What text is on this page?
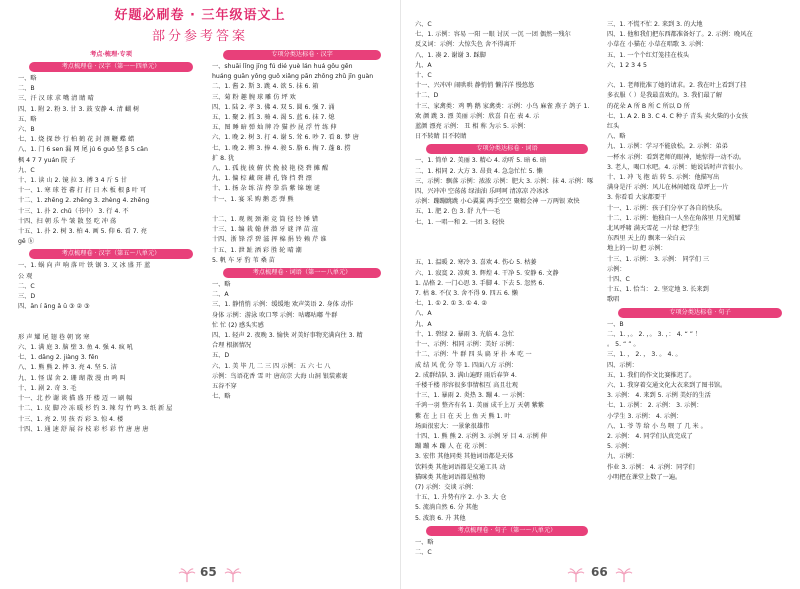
好题必刷卷 · 三年级语文上
部分参考答案
考点·梳理·专项
考点梳理卷 · 汉字（第一～四单元）
一、略
二、B
三、汗 汉 球 求 嘴 清 睛 晴
四、1. 附 2. 粉 3. 甘 3. 鼓 安静 4. 清 蝴 树
五、略
六、B
七、1. 烧 探 纱 行 柏 鹤 花 封 测 鞭 蝶 蜡
八、1. 门 6 sen 漏 网 尾 jú 6 guō 竖 β 5 cān
枫 4 7 7 yuán 院 子
九、C
十、1. 读 山 2. 镜 拉 3. 搏 3 4 斤 5 甘
十一、1. 寒 球 苍 蕃 打 打 日 木 板 根 β 叶 可
十二、1. zhēng 2. zhēng 3. zhèng 4. zhēng
十三、1. 扑 2. chǔ（书中） 3. 行 4. 不
十四、扫 朝 乐 牛 皱 散 竖 吃 冲 荡
十五、1. 扑 2. 树 3. 柏 4. 画 5. 仰 6. 看 7. 亮
gē ⓑ
考点梳理卷 · 汉字（第五～八单元）
一、1. 蜗 向 声 响 落 叶 铁 锯 3. 又 冰 盛 开 蓝
公 观
二、C
三、D
四、ān í āng ǎ ū ③ ② ③

形 声 耀 尾 翅 巷 朝 窝 寒
六、1. 满 庭 3. 脑 壁 3. 鱼 4. 强 4. 疯 吼
七、1. dāng 2. jiàng 3. fēn
八、1. 熊 熊 2. 摔 3. 亮 4. 坚 5. 洁
九、1. 怪 谋 舍 2. 珊 瑚 散 漫 由 鸣 叫
十、1. 剧 2. 奇 3. 毛
十一、北 抄 谢 谈 描 盛 开 楼 迈 一 刷 幅
十二、1. 皮 脚 冷 冻 暖 杉 钓 3. 辣 勾 竹 鸣 3. 纸 新 屋
十三、1. 亮 2. 男 孩 否 彩 3. 惊 4. 楼
十四、1. 通 速 舒 展 谷 枝 彩 杉 彩 竹 唐 唐 唐
专项分类达标卷 · 汉字
一、shuāi lǐng jīng fú dié yuè lán huá gǒu gēn
huáng guān yǒng guǒ xiǎng pān zhōng zhǔ jīn guàn
二、1. 酱 2. 斯 3. 跳 4. 欲 5. 抹 6. 箱
三、菊 粉 趣 腕 球 雕 仿 坪 欢
四、1. 陆 2. 孝 3. 佛 4. 双 5. 圆 6. 强 7. 涌
五、1. 聚 2. 抓 3. 骑 4. 渴 5. 蓝 6. 抹 7. 熄
五、图 睡 暗 弹 灿 牌 冷 猫 抄 昆 浮 竹 练 伸
六、1. 晚 2. 树 3. 打 4. 谢 5. 耸 6. 吵 7. 看 8. 梦 唐
七、1. 晚 2. 辨 3. 捧 4. 骏 5. 胳 6. 掏 7. 蓬 8. 捞
扩 8. 犹
八、1. 孤 拢 披 俯 伏 挽 披 艳 挠 碧 摊 醒
九、1. 偏 棕 藏 斑 耕 孔 锋 挡 碧 漂
十、1. 扬 杂 练 洁 挎 拳 浩 紫 锦 缠 谜
十一、1. 宴 采 购 鹅 恶 弹 熊

十二、1. 观 规 颈 渐 竞 筒 径 铃 锤 错
十三、1. 编 栽 翰 拼 潜 牙 谜 泽 苗 渲
十四、浙 锋 浮 碧 滋 挥 棉 捐 铃 赖 芹 谁
十五、1. 泄 趾 洒 彩 胜 轮 晴 潮
5. 帆 车 牙 豹 苇 桑 苗
考点梳理卷 · 词语（第一～八单元）
一、略
二、A
三、1. 静悄悄 示例：缓缓地 欢声笑语 2. 身体 动作
身体 示例：游泳 吹口琴 示例：咕嘟咕嘟 牛群
忙 忙 (2) 感头实感
四、1. 轻声 2. 夜晚 3. 愉快 对美好事物充满向往 3. 精
合理 根据情况
五、D
六、1. 美 毕 几 二 三 四 示例：五 六 七 八
示例：鸟语花香 雪 叶 唐高宗 大海 山洞 银装素裹
五谷不穿
七、略
65
六、C
七、1. 示例：容易 一阳 一眼 讨厌 一沉 一团 偶然一残尔
反义词：示例：大惊失色 舍不得离开
八、1. 凑 2. 谢谢 3. 踩脚
九、A
十、C
十一、兴冲冲 闹哄哄 静悄悄 懒洋洋 慢悠悠
十二、D
十三、家禽类：鸡 鸭 鹅 家禽类：示例：小鸟 麻雀 燕子 鸽子 1.
欢 颜 跳 3. 漂 美丽 示例：欣喜 自在 表 4. 示
蓝颜 漂亮 示例： 丑 相 称 为示 5. 示例：
日不转睛 目不转睛
专项分类达标卷 · 词语
一、1. 简单 2. 美丽 3. 精心 4. 动听 5. 暗 6. 暗
二、1. 相同 2. 大方 3. 昂贵 4. 急急忙忙 5. 懒
三、示例：飘落 示例：浓浓 示例：肥大 3. 示例：抹 4. 示例：啄
四、兴冲冲 空荡荡 绿油油 乐呵呵 清凉凉 冷冰冰
示例：蹦蹦跳跳 小心翼翼 两手空空 聚精会神 一万两银 欢快
五、1. 肥 2. 色 3. 舒 九牛一毛
七、1. 一唱一和 2. 一团 3. 轻快

五、1. 温暖 2. 寒冷 3. 喜欢 4. 伤心 5. 枯萎
六、1. 寂寞 2. 凉爽 3. 辉煌 4. 干净 5. 安静 6. 文静
1. 品格 2. 一门心思 3. 手脚 4. 下去 5. 忽然 6.
7. 枯 8. 不仅 3. 舍不得 9. 四五 6. 懒
七、1. ① 2. ① 3. ① 4. ②
八、A
九、A
十、1. 碧绿 2. 暴雨 3. 光临 4. 急忙
十一、示例：相同 示例：美好 示例：
十二、示例：牛 群 四 头 扁 牙 扑 本 吃 一
成 结 风 优 分 等 1. 四面八方 示例：
2. 成群结队 3. 满山遍野 雨后春笋 4.
千楼千楼 形容很多事情相互 高且壮观
十三、1. 暴雨 2. 炎热 3. 蹦 4. 一 示例：
千鸿一羽 整齐有名 1. 美丽 成千上万 天朝 紫紫
紫 在 上 日 在 天 上 鱼 天 熊 1. 叶
场面很宏大：一景象很雄伟
十四、1. 熊 熊 2. 示例 3. 示例 牙 目 4. 示例 伸
蹦 蹦 本 蹦 人 在 花 示例：
3. 宏伟 其他同类 其他词语都是天体
饮料类 其他词语都是交通工具 动
猫咪类 其他词语都是植物
(7) 示例：交谈 示例：
十五、1. 升势有序 2. 小 3. 大 仓
5. 流淌自然 6. 分 其他
5. 波浪 6. 升 其他
考点梳理卷 · 句子（第一～八单元）
一、略
二、C
三、1. 不慌不忙 2. 来到 3. 的大地
四、1. 他和我们把东西都准备好了。2. 示例：晚风在
小草在 小猫在 小草在唱歌 3. 示例：
五、1. 一个个红灯笼挂在枝头
六、1 2 3 4 5

六、1. 老师批准了她的请求。2. 我在叶上看到了挂
多衣服（ ）是我最喜欢的。3. 我们最了解
的花朵 A 所 B 所 C 所以 D 所
七、1. A 2. B 3. C 4. C 种子 青头 卖火柴的小女孩
红头
八、略
九、1. 示例：学习不能放松。2. 示例：弟弟
一杯水 示例：看到老师的眼神，她惊得一动不动。
3. 老人，喝口水吧。4. 示例：她说话时声音很小。
十、1. 冲 飞 抱 站 转 5. 示例：他描写出
满身是汗 示例：风儿在林间嬉戏 草坪上一片
3. 你看看 大家都要干
十一、1. 示例：孩子们分享了各自的快乐。
十二、1. 示例：他独自一人坐在角落里 月光照耀
北风呼啸 满天雪花 一片绿 把学生
东西里 天上的 飘来一朵白云
地上的一切 把 示例：
十三、1. 示例： 3. 示例： 同学们 三
示例：
十四、C
十五、1. 恰当： 2. 坚定地 3. 长来到
歌唱
专项分类达标卷 · 句子
一、B
二、1. ，。 2. ，。 3. ，： 4. “ ” ！
。 5. “ ” 。
三、1. ， 2. ， 3. 。 4. 。
四、示例：
五、1. 我们的作文比赛推迟了。
六、1. 我穿着交通文化大衣来到了图书馆。
3. 示例： 4. 来到 5. 示例 美好的生活
七、1. 示例： 2. 示例： 3. 示例：
小学生 3. 示例： 4. 示例：
八、1. 爷 等 给 小 鸟 喂 了 几 米 。
2. 示例： 4. 同学们认真完成了
5. 示例：
九、示例：
作业 3. 示例： 4. 示例：同学们
小明把在课堂上数了一遍。
66
